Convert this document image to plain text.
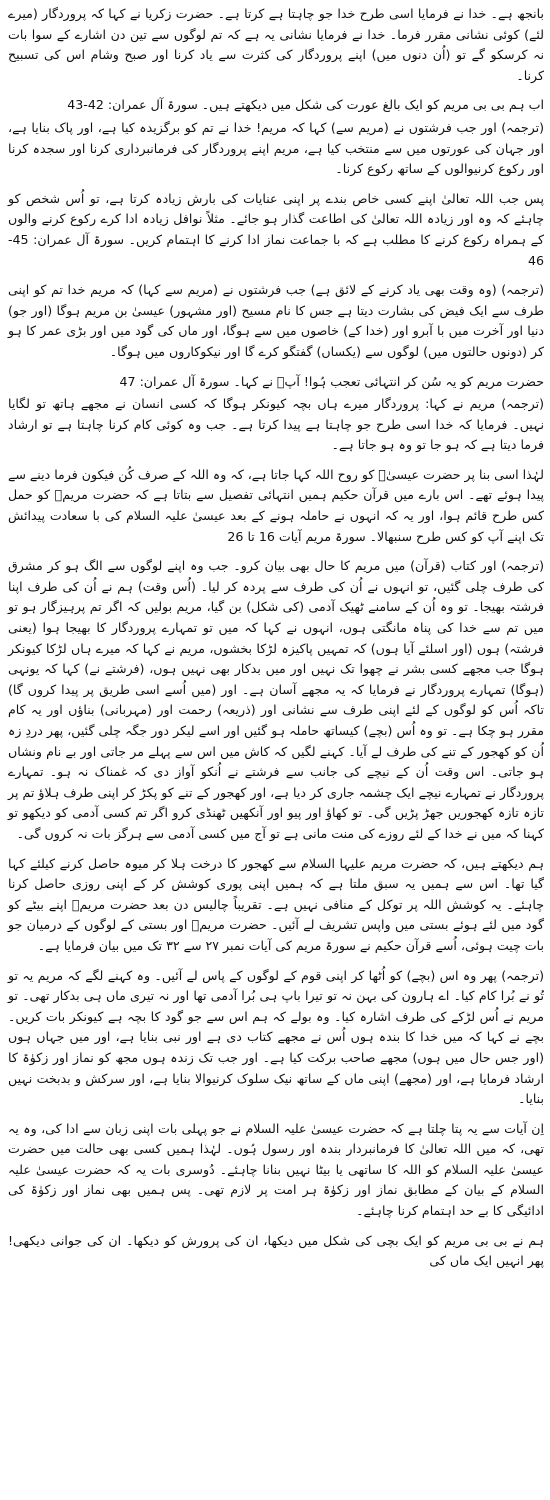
بانجھ ہے۔ خدا نے فرمایا اسی طرح خدا جو چاہتا ہے کرتا ہے۔ حضرت زکریا نے کہا کہ پروردگار (میرے لئے) کوئی نشانی مقرر فرما۔ خدا نے فرمایا نشانی یہ ہے کہ تم لوگوں سے تین دن اشارے کے سوا بات نہ کرسکو گے تو (اُن دنوں میں) اپنے پروردگار کی کثرت سے یاد کرنا اور صبح وشام اس کی تسبیح کرنا۔

اب ہم بی بی مریم کو ایک بالغ عورت کی شکل میں دیکھتے ہیں۔ سورۃ آل عمران: 42-43

(ترجمہ) اور جب فرشتوں نے (مریم سے) کہا کہ مریم! خدا نے تم کو برگزیدہ کیا ہے، اور پاک بنایا ہے، اور جہان کی عورتوں میں سے منتخب کیا ہے، مریم اپنے پروردگار کی فرمانبرداری کرنا اور سجدہ کرنا اور رکوع کرنیوالوں کے ساتھ رکوع کرنا۔

پس جب اللہ تعالیٰ اپنے کسی خاص بندے پر اپنی عنایات کی بارش زیادہ کرتا ہے، تو اُس شخص کو چاہئے کہ وہ اور زیادہ اللہ تعالیٰ کی اطاعت گذار ہو جائے۔ مثلاً نوافل زیادہ ادا کرے رکوع کرنے والوں کے ہمراہ رکوع کرنے کا مطلب ہے کہ با جماعت نماز ادا کرنے کا اہتمام کریں۔ سورۃ آل عمران: 45-46

(ترجمہ) (وہ وقت بھی یاد کرنے کے لائق ہے) جب فرشتوں نے (مریم سے کہا) کہ مریم خدا تم کو اپنی طرف سے ایک فیض کی بشارت دیتا ہے جس کا نام مسیح (اور مشہور) عیسیٰ بن مریم ہوگا (اور جو) دنیا اور آخرت میں با آبرو اور (خدا کے) خاصوں میں سے ہوگا، اور ماں کی گود میں اور بڑی عمر کا ہو کر (دونوں حالتوں میں) لوگوں سے (یکساں) گفتگو کرے گا اور نیکوکاروں میں ہوگا۔

حضرت مریم کو یہ سُن کر انتہائی تعجب ہُوا! آپؑ نے کہا۔ سورۃ آل عمران: 47

(ترجمہ) مریم نے کہا: پروردگار میرے ہاں بچہ کیونکر ہوگا کہ کسی انسان نے مجھے ہاتھ تو لگایا نہیں۔ فرمایا کہ خدا اسی طرح جو چاہتا ہے پیدا کرتا ہے۔ جب وہ کوئی کام کرنا چاہتا ہے تو ارشاد فرما دیتا ہے کہ ہو جا تو وہ ہو جاتا ہے۔

لہٰذا اسی بنا پر حضرت عیسیٰؑ کو روح اللہ کہا جاتا ہے، کہ وہ اللہ کے صرف کُن فیکون فرما دینے سے پیدا ہوئے تھے۔ اس بارے میں قرآن حکیم ہمیں انتہائی تفصیل سے بتاتا ہے کہ حضرت مریمؑ کو حمل کس طرح قائم ہوا، اور یہ کہ انہوں نے حاملہ ہونے کے بعد عیسیٰ علیہ السلام کی با سعادت پیدائش تک اپنے آپ کو کس طرح سنبھالا۔ سورۃ مریم آیات 16 تا 26

(ترجمہ) اور کتاب (قرآن) میں مریم کا حال بھی بیان کرو۔ جب وہ اپنے لوگوں سے الگ ہو کر مشرق کی طرف چلی گئیں، تو انہوں نے اُن کی طرف سے پردہ کر لیا۔ (اُس وقت) ہم نے اُن کی طرف اپنا فرشتہ بھیجا۔ تو وہ اُن کے سامنے ٹھیک آدمی (کی شکل) بن گیا، مریم بولیں کہ اگر تم پرہیزگار ہو تو میں تم سے خدا کی پناہ مانگتی ہوں، انہوں نے کہا کہ میں تو تمہارے پروردگار کا بھیجا ہوا (یعنی فرشتہ) ہوں (اور اسلئے آیا ہوں) کہ تمہیں پاکیزہ لڑکا بخشوں، مریم نے کہا کہ میرے ہاں لڑکا کیونکر ہوگا جب مجھے کسی بشر نے چھوا تک نہیں اور میں بدکار بھی نہیں ہوں، (فرشتے نے) کہا کہ یونہی (ہوگا) تمہارے پروردگار نے فرمایا کہ یہ مجھے آسان ہے۔ اور (میں اُسے اسی طریق پر پیدا کروں گا) تاکہ اُس کو لوگوں کے لئے اپنی طرف سے نشانی اور (ذریعہ) رحمت اور (مہربانی) بناؤں اور یہ کام مقرر ہو چکا ہے۔ تو وہ اُس (بچے) کیساتھ حاملہ ہو گئیں اور اسے لیکر دور جگہ چلی گئیں، پھر دردِ زہ اُن کو کھجور کے تنے کی طرف لے آیا۔ کہنے لگیں کہ کاش میں اس سے پہلے مر جاتی اور بے نام ونشاں ہو جاتی۔ اس وقت اُن کے نیچے کی جانب سے فرشتے نے اُنکو آواز دی کہ غمناک نہ ہو۔ تمہارے پروردگار نے تمہارے نیچے ایک چشمہ جاری کر دیا ہے، اور کھجور کے تنے کو پکڑ کر اپنی طرف ہلاؤ تم پر تازہ تازہ کھجوریں جھڑ پڑیں گی۔ تو کھاؤ اور پیو اور آنکھیں ٹھنڈی کرو اگر تم کسی آدمی کو دیکھو تو کہنا کہ میں نے خدا کے لئے روزے کی منت مانی ہے تو آج میں کسی آدمی سے ہرگز بات نہ کروں گی۔

ہم دیکھتے ہیں، کہ حضرت مریم علیہا السلام سے کھجور کا درخت ہلا کر میوہ حاصل کرنے کیلئے کہا گیا تھا۔ اس سے ہمیں یہ سبق ملتا ہے کہ ہمیں اپنی پوری کوشش کر کے اپنی روزی حاصل کرنا چاہئے۔ یہ کوشش اللہ پر توکل کے منافی نہیں ہے۔ تقریباً چالیس دن بعد حضرت مریمؑ اپنے بیٹے کو گود میں لئے ہوئے بستی میں واپس تشریف لے آئیں۔ حضرت مریمؑ اور بستی کے لوگوں کے درمیان جو بات چیت ہوئی، اُسے قرآن حکیم نے سورۃ مریم کی آیات نمبر ۲۷ سے ۳۲ تک میں بیان فرمایا ہے۔

(ترجمہ) پھر وہ اس (بچے) کو اُٹھا کر اپنی قوم کے لوگوں کے پاس لے آئیں۔ وہ کہنے لگے کہ مریم یہ تو تُو نے بُرا کام کیا۔ اے ہارون کی بہن نہ تو تیرا باپ ہی بُرا آدمی تھا اور نہ تیری ماں ہی بدکار تھی۔ تو مریم نے اُس لڑکے کی طرف اشارہ کیا۔ وہ بولے کہ ہم اس سے جو گود کا بچہ ہے کیونکر بات کریں۔ بچے نے کہا کہ میں خدا کا بندہ ہوں اُس نے مجھے کتاب دی ہے اور نبی بنایا ہے، اور میں جہاں ہوں (اور جس حال میں ہوں) مجھے صاحب برکت کیا ہے۔ اور جب تک زندہ ہوں مجھ کو نماز اور زکوٰۃ کا ارشاد فرمایا ہے، اور (مجھے) اپنی ماں کے ساتھ نیک سلوک کرنیوالا بنایا ہے، اور سرکش و بدبخت نہیں بنایا۔

اِن آیات سے یہ پتا چلتا ہے کہ حضرت عیسیٰ علیہ السلام نے جو پہلی بات اپنی زبان سے ادا کی، وہ یہ تھی، کہ میں اللہ تعالیٰ کا فرمانبردار بندہ اور رسول ہُوں۔ لہٰذا ہمیں کسی بھی حالت میں حضرت عیسیٰ علیہ السلام کو اللہ کا ساتھی یا بیٹا نہیں بنانا چاہئے۔ دُوسری بات یہ کہ حضرت عیسیٰ علیہ السلام کے بیان کے مطابق نماز اور زکوٰۃ ہر امت پر لازم تھی۔ پس ہمیں بھی نماز اور زکوٰۃ کی ادائیگی کا بے حد اہتمام کرنا چاہئے۔

ہم نے بی بی مریم کو ایک بچی کی شکل میں دیکھا، ان کی پرورش کو دیکھا۔ ان کی جوانی دیکھی! پھر انہیں ایک ماں کی
